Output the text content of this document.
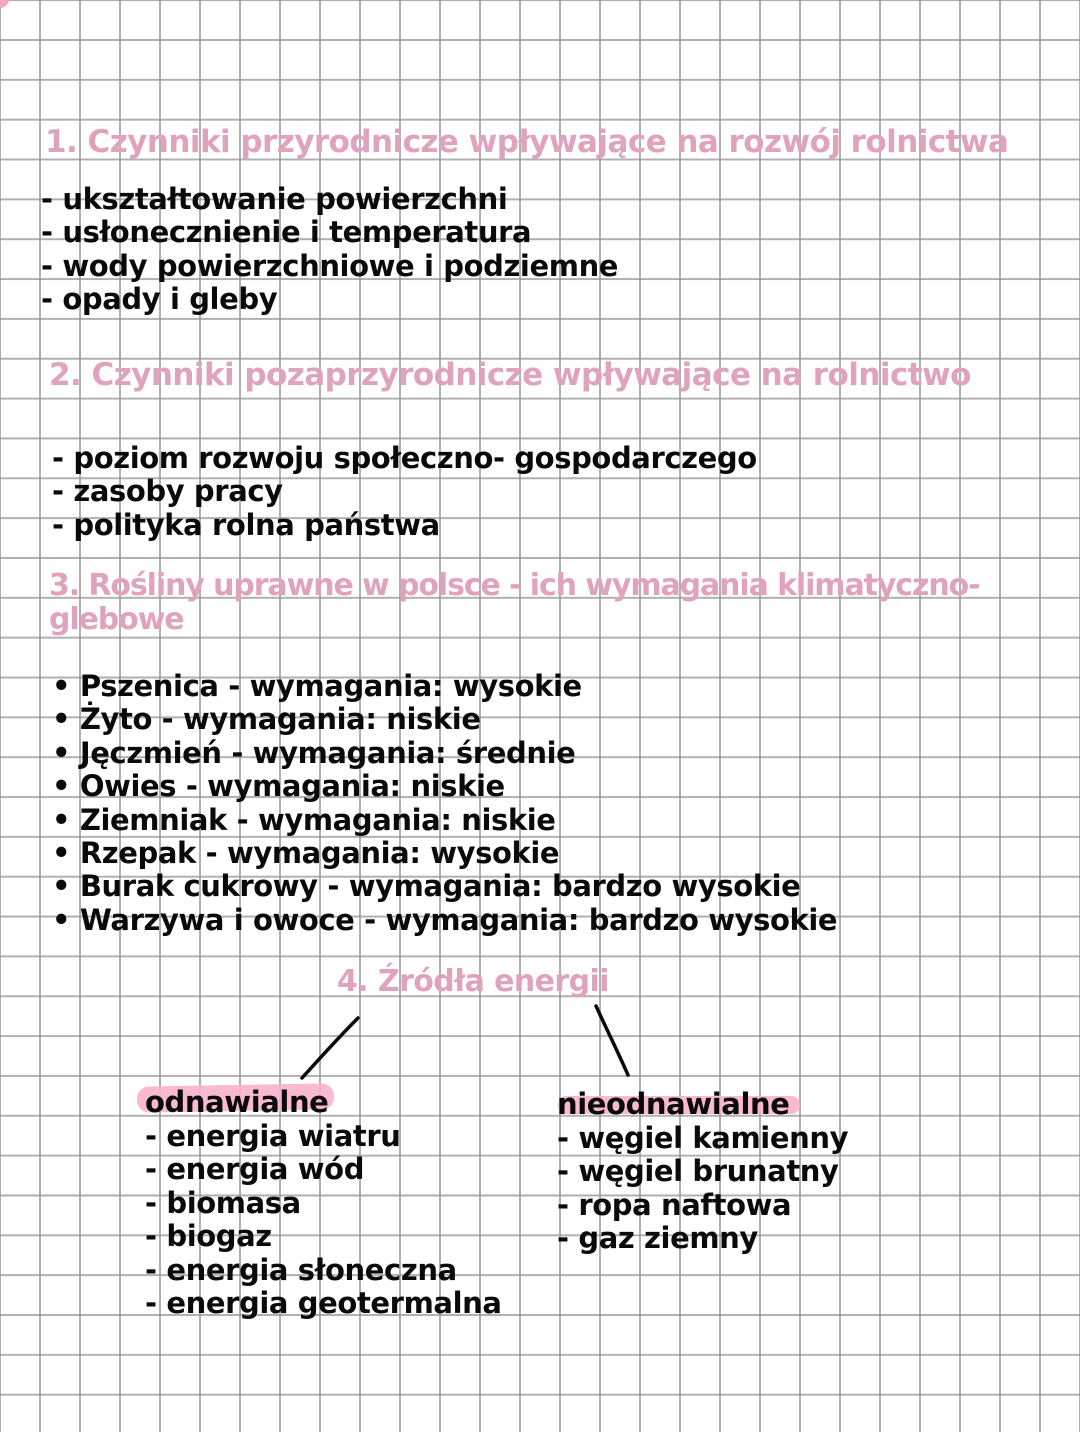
1. Czynniki przyrodnicze wpływające na rozwój rolnictwa
- ukształtowanie powierzchni
- usłonecznienie i temperatura
- wody powierzchniowe i podziemne
- opady i gleby
2. Czynniki pozaprzyrodnicze wpływające na rolnictwo
- poziom rozwoju społeczno- gospodarczego
- zasoby pracy
- polityka rolna państwa
3. Rośliny uprawne w polsce - ich wymagania klimatyczno-
glebowe
• Pszenica - wymagania: wysokie
• Żyto - wymagania: niskie
• Jęczmień - wymagania: średnie
• Owies - wymagania: niskie
• Ziemniak - wymagania: niskie
• Rzepak - wymagania: wysokie
• Burak cukrowy - wymagania: bardzo wysokie
• Warzywa i owoce - wymagania: bardzo wysokie
4. Źródła energii
odnawialne
- energia wiatru
- energia wód
- biomasa
- biogaz
- energia słoneczna
- energia geotermalna
nieodnawialne
- węgiel kamienny
- węgiel brunatny
- ropa naftowa
- gaz ziemny
